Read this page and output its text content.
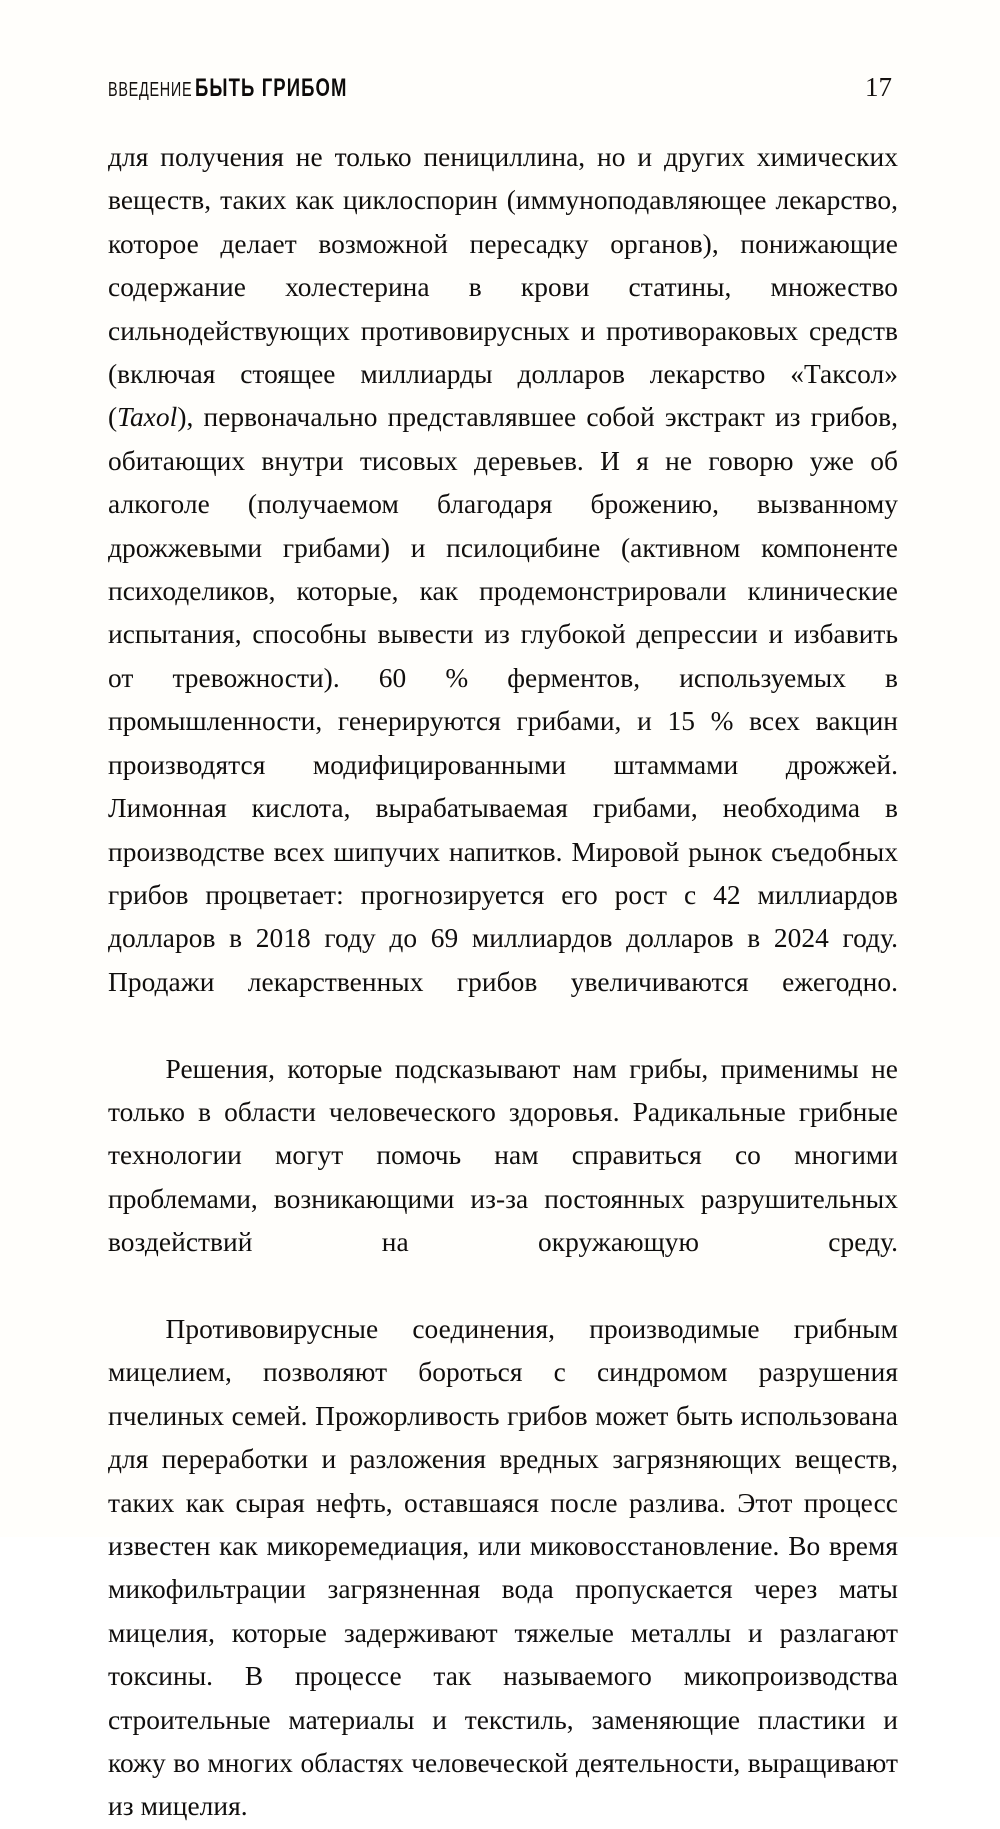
ВВЕДЕНИЕ БЫТЬ ГРИБОМ	17

для получения не только пенициллина, но и других химических веществ, таких как циклоспорин (иммуноподавляющее лекарство, которое делает возможной пересадку органов), понижающие содержание холестерина в крови статины, множество сильнодействующих противовирусных и противораковых средств (включая стоящее миллиарды долларов лекарство «Таксол» (Taxol), первоначально представлявшее собой экстракт из грибов, обитающих внутри тисовых деревьев. И я не говорю уже об алкоголе (получаемом благодаря брожению, вызванному дрожжевыми грибами) и псилоцибине (активном компоненте психоделиков, которые, как продемонстрировали клинические испытания, способны вывести из глубокой депрессии и избавить от тревожности). 60 % ферментов, используемых в промышленности, генерируются грибами, и 15 % всех вакцин производятся модифицированными штаммами дрожжей. Лимонная кислота, вырабатываемая грибами, необходима в производстве всех шипучих напитков. Мировой рынок съедобных грибов процветает: прогнозируется его рост с 42 миллиардов долларов в 2018 году до 69 миллиардов долларов в 2024 году. Продажи лекарственных грибов увеличиваются ежегодно.

Решения, которые подсказывают нам грибы, применимы не только в области человеческого здоровья. Радикальные грибные технологии могут помочь нам справиться со многими проблемами, возникающими из-за постоянных разрушительных воздействий на окружающую среду.

Противовирусные соединения, производимые грибным мицелием, позволяют бороться с синдромом разрушения пчелиных семей. Прожорливость грибов может быть использована для переработки и разложения вредных загрязняющих веществ, таких как сырая нефть, оставшаяся после разлива. Этот процесс известен как микоремедиация, или миковосстановление. Во время микофильтрации загрязненная вода пропускается через маты мицелия, которые задерживают тяжелые металлы и разлагают токсины. В процессе так называемого микопроизводства строительные материалы и текстиль, заменяющие пластики и кожу во многих областях человеческой деятельности, выращивают из мицелия.
